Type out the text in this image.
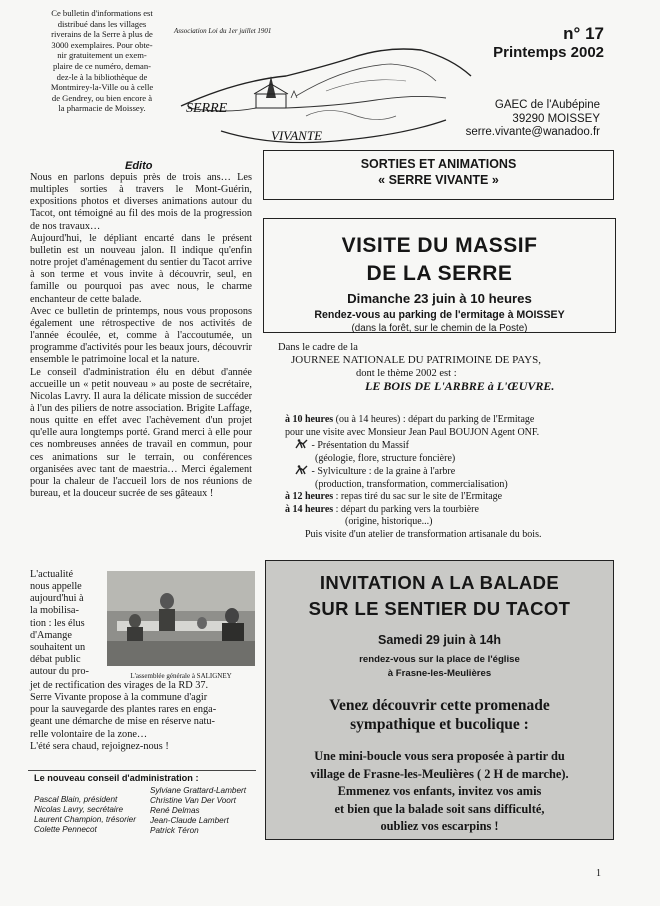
Ce bulletin d'informations est
distribué dans les villages
riverains de la Serre à plus de
3000 exemplaires. Pour obte-
nir gratuitement un exem-
plaire de ce numéro, deman-
dez-le à la bibliothèque de
Montmirey-la-Ville ou à celle
de Gendrey, ou bien encore à
la pharmacie de Moissey.
Association Loi du 1er juillet 1901
SERRE
VIVANTE
n° 17
Printemps 2002
GAEC de l'Aubépine
39290 MOISSEY
serre.vivante@wanadoo.fr
Edito

Nous en parlons depuis près de trois ans… Les multiples sorties à travers le Mont-Guérin, expositions photos et diverses animations autour du Tacot, ont témoigné au fil des mois de la progression de nos travaux…

Aujourd'hui, le dépliant encarté dans le présent bulletin est un nouveau jalon. Il indique qu'enfin notre projet d'aménagement du sentier du Tacot arrive à son terme et vous invite à découvrir, seul, en famille ou pourquoi pas avec nous, le charme enchanteur de cette balade.

Avec ce bulletin de printemps, nous vous proposons également une rétrospective de nos activités de l'année écoulée, et, comme à l'accoutumée, un programme d'activités pour les beaux jours, découvrir ensemble le patrimoine local et la nature.

Le conseil d'administration élu en début d'année accueille un « petit nouveau » au poste de secrétaire, Nicolas Lavry. Il aura la délicate mission de succéder à l'un des piliers de notre association. Brigite Laffage, nous quitte en effet avec l'achèvement d'un projet qu'elle aura longtemps porté. Grand merci à elle pour ces nombreuses années de travail en commun, pour ces animations sur le terrain, ou conférences organisées avec tant de maestria… Merci également pour la chaleur de l'accueil lors de nos réunions de bureau, et la douceur sucrée de ses gâteaux !

L'actualité
nous appelle
aujourd'hui à
la mobilisa-
tion : les élus
d'Amange
souhaitent un
débat public
autour du pro-	L'assemblée générale à SALIGNEY
jet de rectification des virages de la RD 37.
Serre Vivante propose à la commune d'agir
pour la sauvegarde des plantes rares en enga-
geant une démarche de mise en réserve natu-
relle volontaire de la zone…
L'été sera chaud, rejoignez-nous !
Le nouveau conseil d'administration :
Pascal Blain, président
Nicolas Lavry, secrétaire
Laurent Champion, trésorier
Colette Pennecot
Sylviane Grattard-Lambert
Christine Van Der Voort
René Delmas
Jean-Claude Lambert
Patrick Téron
SORTIES ET ANIMATIONS
« SERRE VIVANTE »
VISITE DU MASSIF
DE LA SERRE
Dimanche 23 juin à 10 heures
Rendez-vous au parking de l'ermitage à MOISSEY
(dans la forêt, sur le chemin de la Poste)
Dans le cadre de la
JOURNEE NATIONALE DU PATRIMOINE DE PAYS,
dont le thème 2002 est :
LE BOIS DE L'ARBRE à L'ŒUVRE.
à 10 heures (ou à 14 heures) : départ du parking de l'Ermitage
pour une visite avec Monsieur Jean Paul BOUJON Agent ONF.
- Présentation du Massif
(géologie, flore, structure foncière)
- Sylviculture : de la graine à l'arbre
(production, transformation, commercialisation)
à 12 heures : repas tiré du sac sur le site de l'Ermitage
à 14 heures : départ du parking vers la tourbière
(origine, historique...)
Puis visite d'un atelier de transformation artisanale du bois.
INVITATION A LA BALADE
SUR LE SENTIER DU TACOT
Samedi 29 juin à 14h
rendez-vous sur la place de l'église
à Frasne-les-Meulières
Venez découvrir cette promenade
sympathique et bucolique :
Une mini-boucle vous sera proposée à partir du
village de Frasne-les-Meulières ( 2 H de marche).
Emmenez vos enfants, invitez vos amis
et bien que la balade soit sans difficulté,
oubliez vos escarpins !
1
